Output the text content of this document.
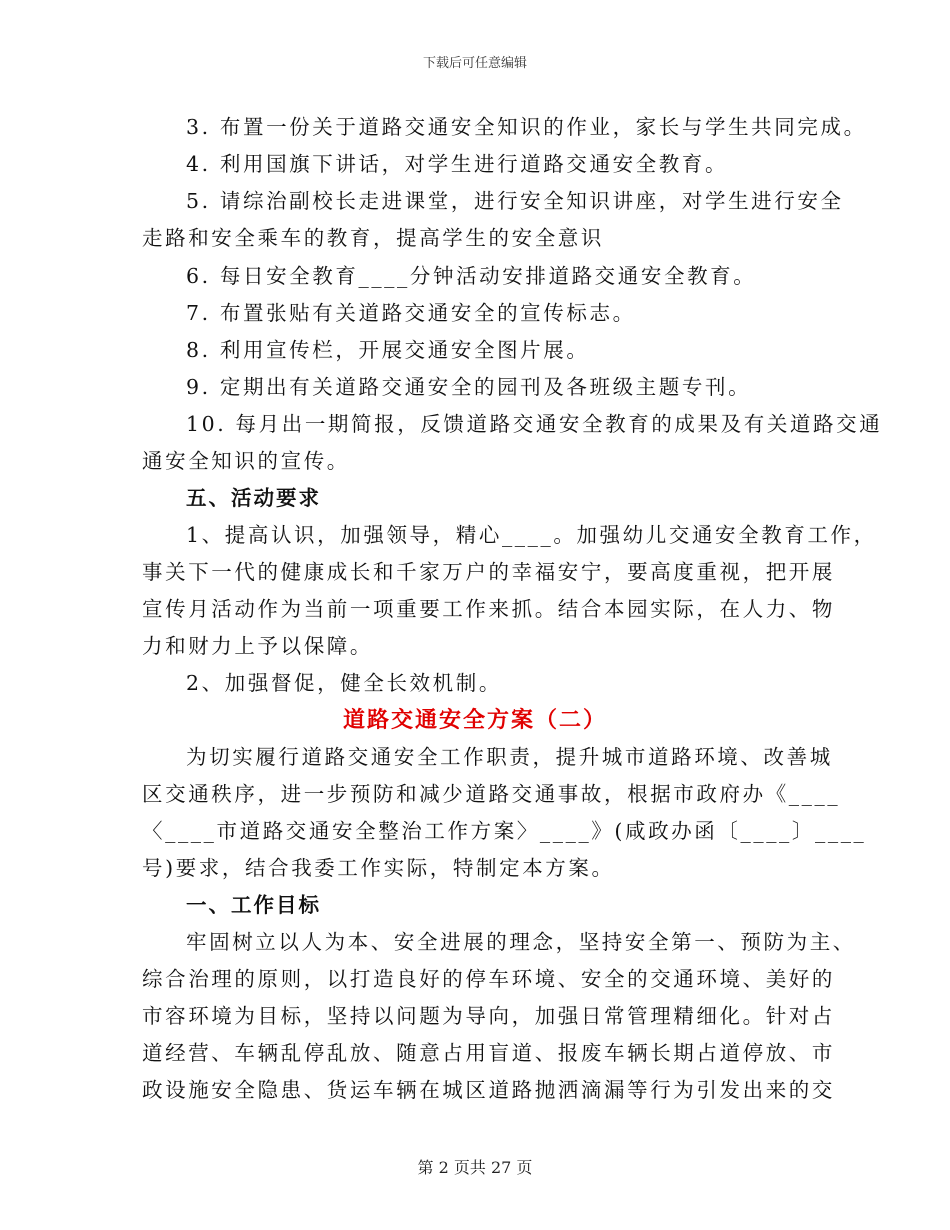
下载后可任意编辑
3. 布置一份关于道路交通安全知识的作业，家长与学生共同完成。
4. 利用国旗下讲话，对学生进行道路交通安全教育。
5. 请综治副校长走进课堂，进行安全知识讲座，对学生进行安全
走路和安全乘车的教育，提高学生的安全意识
6. 每日安全教育____分钟活动安排道路交通安全教育。
7. 布置张贴有关道路交通安全的宣传标志。
8. 利用宣传栏，开展交通安全图片展。
9. 定期出有关道路交通安全的园刊及各班级主题专刊。
10. 每月出一期简报，反馈道路交通安全教育的成果及有关道路交通
通安全知识的宣传。
五、活动要求
1、提高认识，加强领导，精心____。加强幼儿交通安全教育工作，
事关下一代的健康成长和千家万户的幸福安宁，要高度重视，把开展
宣传月活动作为当前一项重要工作来抓。结合本园实际，在人力、物
力和财力上予以保障。
2、加强督促，健全长效机制。
道路交通安全方案（二）
为切实履行道路交通安全工作职责，提升城市道路环境、改善城
区交通秩序，进一步预防和减少道路交通事故，根据市政府办《____
〈____市道路交通安全整治工作方案〉____》(咸政办函〔____〕____
号)要求，结合我委工作实际，特制定本方案。
一、工作目标
牢固树立以人为本、安全进展的理念，坚持安全第一、预防为主、
综合治理的原则，以打造良好的停车环境、安全的交通环境、美好的
市容环境为目标，坚持以问题为导向，加强日常管理精细化。针对占
道经营、车辆乱停乱放、随意占用盲道、报废车辆长期占道停放、市
政设施安全隐患、货运车辆在城区道路抛洒滴漏等行为引发出来的交
第 2 页共 27 页
